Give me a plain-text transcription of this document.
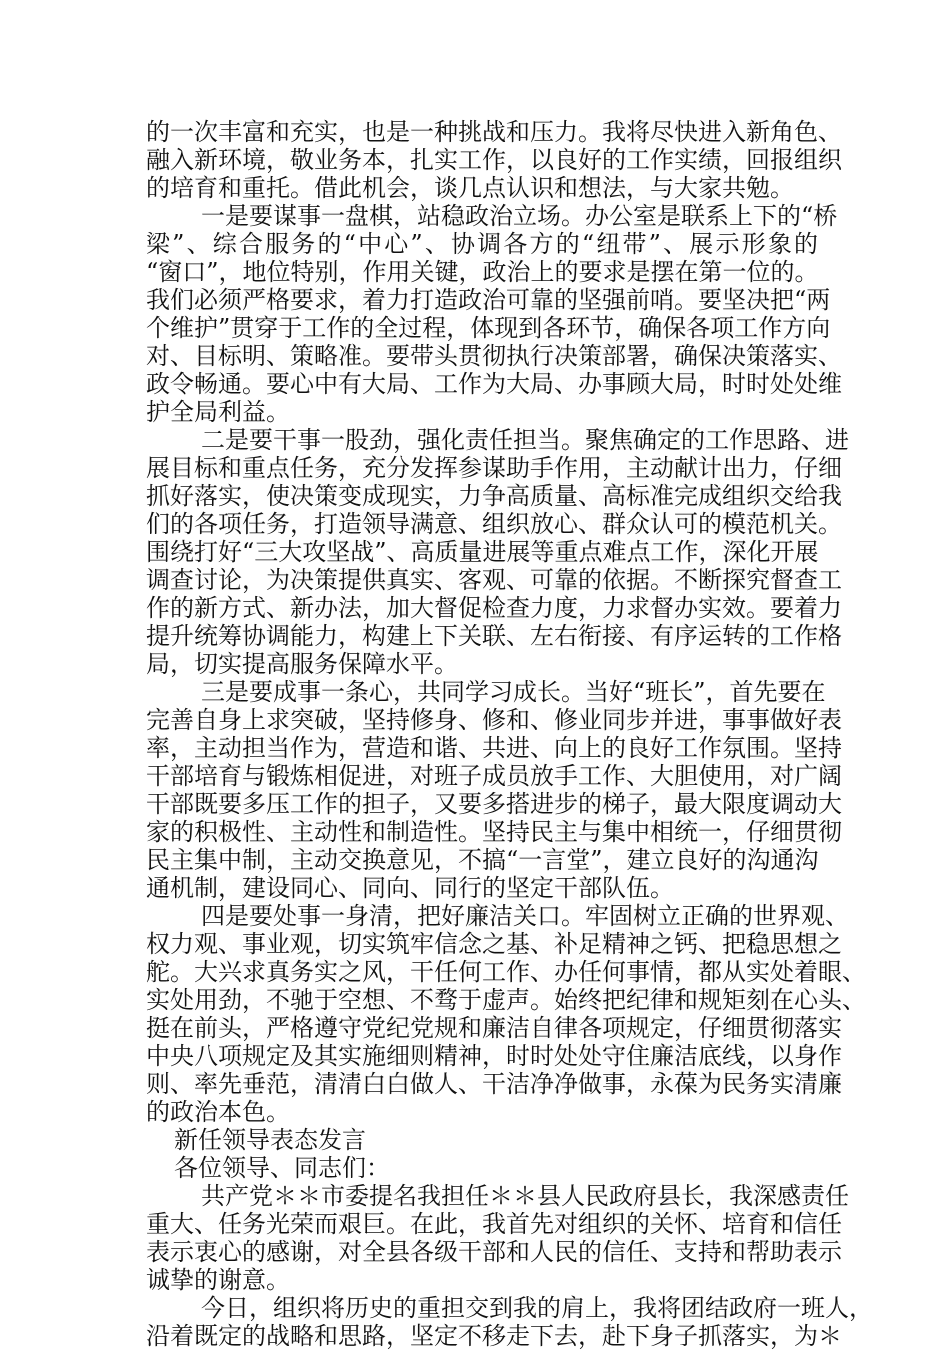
的一次丰富和充实，也是一种挑战和压力。我将尽快进入新角色、
融入新环境，敬业务本，扎实工作，以良好的工作实绩，回报组织
的培育和重托。借此机会，谈几点认识和想法，与大家共勉。
一是要谋事一盘棋，站稳政治立场。办公室是联系上下的“桥
梁”、综合服务的“中心”、协调各方的“纽带”、展示形象的
“窗口”，地位特别，作用关键，政治上的要求是摆在第一位的。
我们必须严格要求，着力打造政治可靠的坚强前哨。要坚决把“两
个维护”贯穿于工作的全过程，体现到各环节，确保各项工作方向
对、目标明、策略准。要带头贯彻执行决策部署，确保决策落实、
政令畅通。要心中有大局、工作为大局、办事顾大局，时时处处维
护全局利益。
二是要干事一股劲，强化责任担当。聚焦确定的工作思路、进
展目标和重点任务，充分发挥参谋助手作用，主动献计出力，仔细
抓好落实，使决策变成现实，力争高质量、高标准完成组织交给我
们的各项任务，打造领导满意、组织放心、群众认可的模范机关。
围绕打好“三大攻坚战”、高质量进展等重点难点工作，深化开展
调查讨论，为决策提供真实、客观、可靠的依据。不断探究督查工
作的新方式、新办法，加大督促检查力度，力求督办实效。要着力
提升统筹协调能力，构建上下关联、左右衔接、有序运转的工作格
局，切实提高服务保障水平。
三是要成事一条心，共同学习成长。当好“班长”，首先要在
完善自身上求突破，坚持修身、修和、修业同步并进，事事做好表
率，主动担当作为，营造和谐、共进、向上的良好工作氛围。坚持
干部培育与锻炼相促进，对班子成员放手工作、大胆使用，对广阔
干部既要多压工作的担子，又要多搭进步的梯子，最大限度调动大
家的积极性、主动性和制造性。坚持民主与集中相统一，仔细贯彻
民主集中制，主动交换意见，不搞“一言堂”，建立良好的沟通沟
通机制，建设同心、同向、同行的坚定干部队伍。
四是要处事一身清，把好廉洁关口。牢固树立正确的世界观、
权力观、事业观，切实筑牢信念之基、补足精神之钙、把稳思想之
舵。大兴求真务实之风，干任何工作、办任何事情，都从实处着眼、
实处用劲，不驰于空想、不骛于虚声。始终把纪律和规矩刻在心头、
挺在前头，严格遵守党纪党规和廉洁自律各项规定，仔细贯彻落实
中央八项规定及其实施细则精神，时时处处守住廉洁底线，以身作
则、率先垂范，清清白白做人、干洁净净做事，永葆为民务实清廉
的政治本色。
新任领导表态发言
各位领导、同志们：
共产党＊＊市委提名我担任＊＊县人民政府县长，我深感责任
重大、任务光荣而艰巨。在此，我首先对组织的关怀、培育和信任
表示衷心的感谢，对全县各级干部和人民的信任、支持和帮助表示
诚挚的谢意。
今日，组织将历史的重担交到我的肩上，我将团结政府一班人，
沿着既定的战略和思路，坚定不移走下去，赴下身子抓落实，为＊
